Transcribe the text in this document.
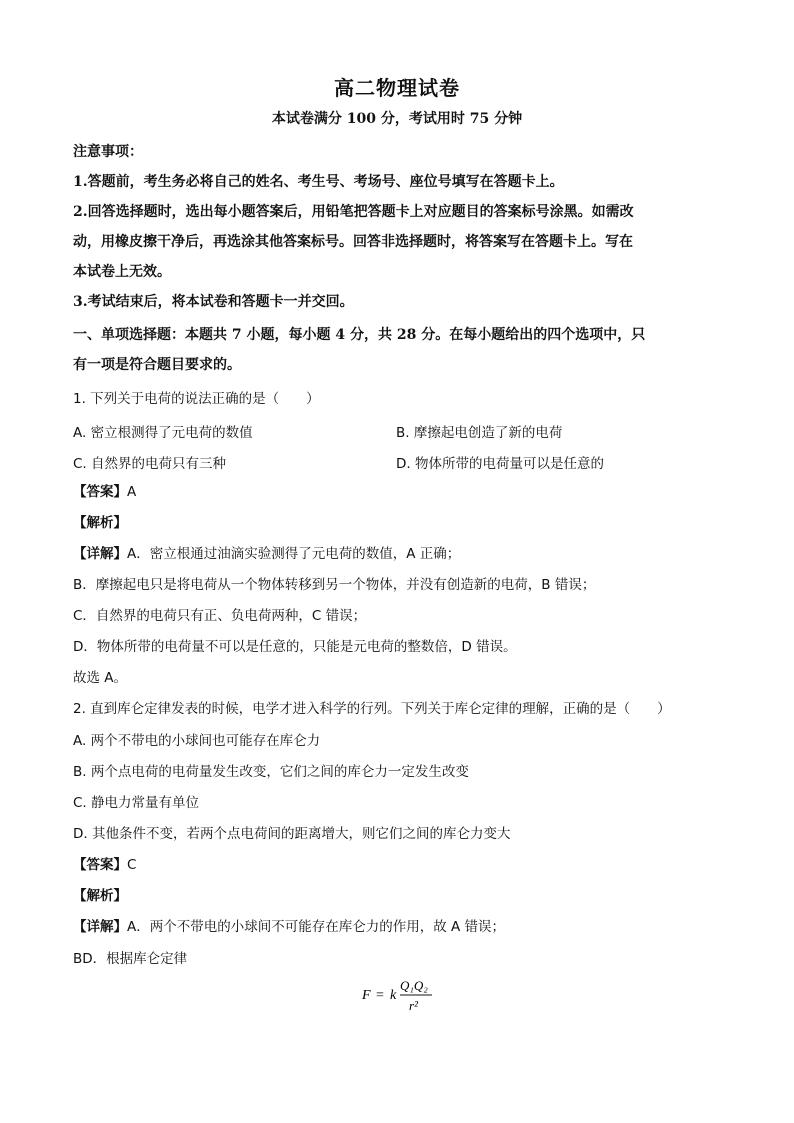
高二物理试卷
本试卷满分 100 分，考试用时 75 分钟
注意事项：
1.答题前，考生务必将自己的姓名、考生号、考场号、座位号填写在答题卡上。
2.回答选择题时，选出每小题答案后，用铅笔把答题卡上对应题目的答案标号涂黑。如需改
动，用橡皮擦干净后，再选涂其他答案标号。回答非选择题时，将答案写在答题卡上。写在
本试卷上无效。
3.考试结束后，将本试卷和答题卡一并交回。
一、单项选择题：本题共 7 小题，每小题 4 分，共 28 分。在每小题给出的四个选项中，只
有一项是符合题目要求的。
1. 下列关于电荷的说法正确的是（　　）
A. 密立根测得了元电荷的数值	B. 摩擦起电创造了新的电荷
C. 自然界的电荷只有三种	D. 物体所带的电荷量可以是任意的
【答案】A
【解析】
【详解】A．密立根通过油滴实验测得了元电荷的数值，A 正确；
B．摩擦起电只是将电荷从一个物体转移到另一个物体，并没有创造新的电荷，B 错误；
C．自然界的电荷只有正、负电荷两种，C 错误；
D．物体所带的电荷量不可以是任意的，只能是元电荷的整数倍，D 错误。
故选 A。
2. 直到库仑定律发表的时候，电学才进入科学的行列。下列关于库仑定律的理解，正确的是（　　）
A. 两个不带电的小球间也可能存在库仑力
B. 两个点电荷的电荷量发生改变，它们之间的库仑力一定发生改变
C. 静电力常量有单位
D. 其他条件不变，若两个点电荷间的距离增大，则它们之间的库仑力变大
【答案】C
【解析】
【详解】A．两个不带电的小球间不可能存在库仑力的作用，故 A 错误；
BD．根据库仑定律
F = k
Q₁Q₂
r²
